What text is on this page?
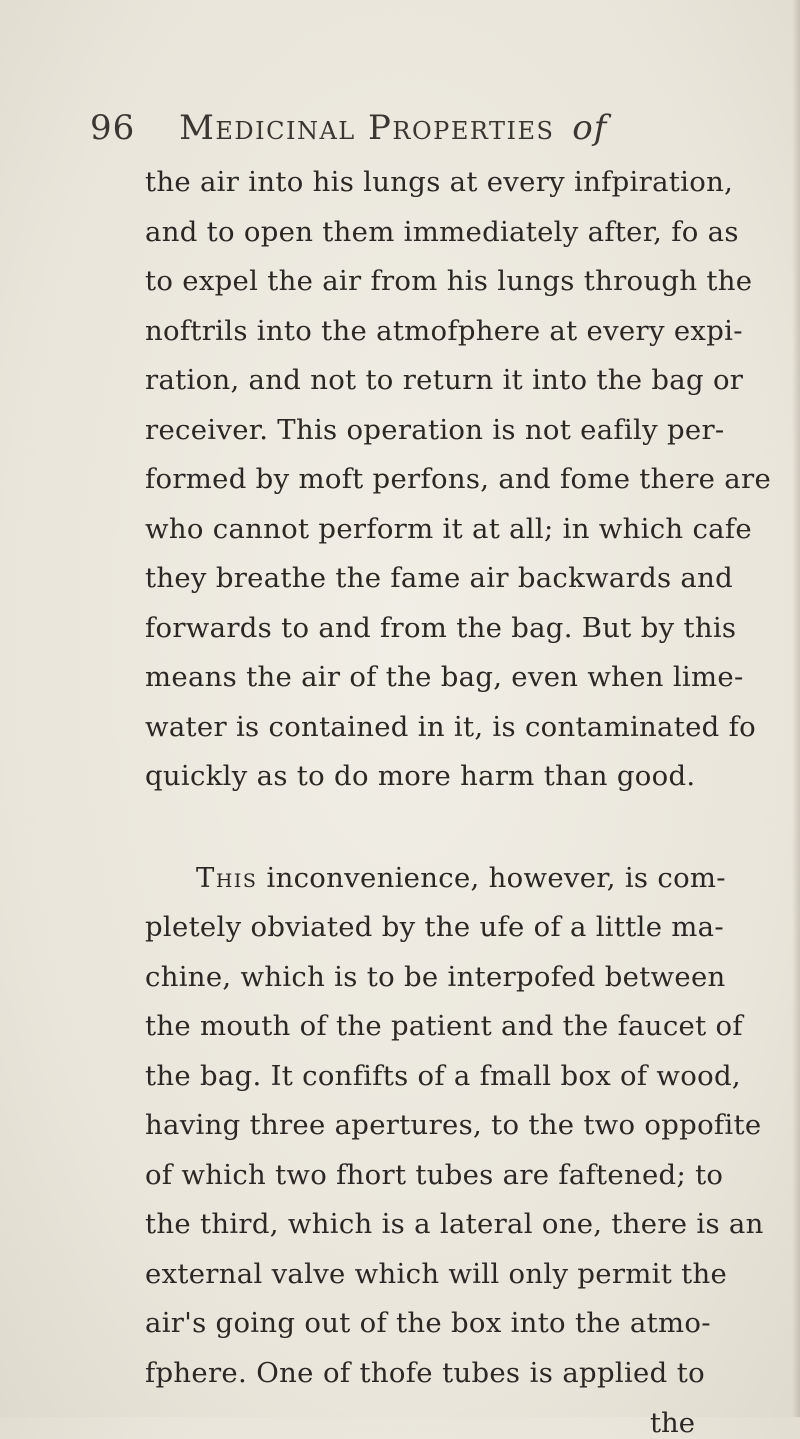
96 Medicinal Properties of
the air into his lungs at every infpiration,
and to open them immediately after, fo as
to expel the air from his lungs through the
noftrils into the atmofphere at every expi-
ration, and not to return it into the bag or
receiver. This operation is not eafily per-
formed by moft perfons, and fome there are
who cannot perform it at all; in which cafe
they breathe the fame air backwards and
forwards to and from the bag. But by this
means the air of the bag, even when lime-
water is contained in it, is contaminated fo
quickly as to do more harm than good.
This inconvenience, however, is com-
pletely obviated by the ufe of a little ma-
chine, which is to be interpofed between
the mouth of the patient and the faucet of
the bag. It confifts of a fmall box of wood,
having three apertures, to the two oppofite
of which two fhort tubes are faftened; to
the third, which is a lateral one, there is an
external valve which will only permit the
air's going out of the box into the atmo-
fphere. One of thofe tubes is applied to
the
